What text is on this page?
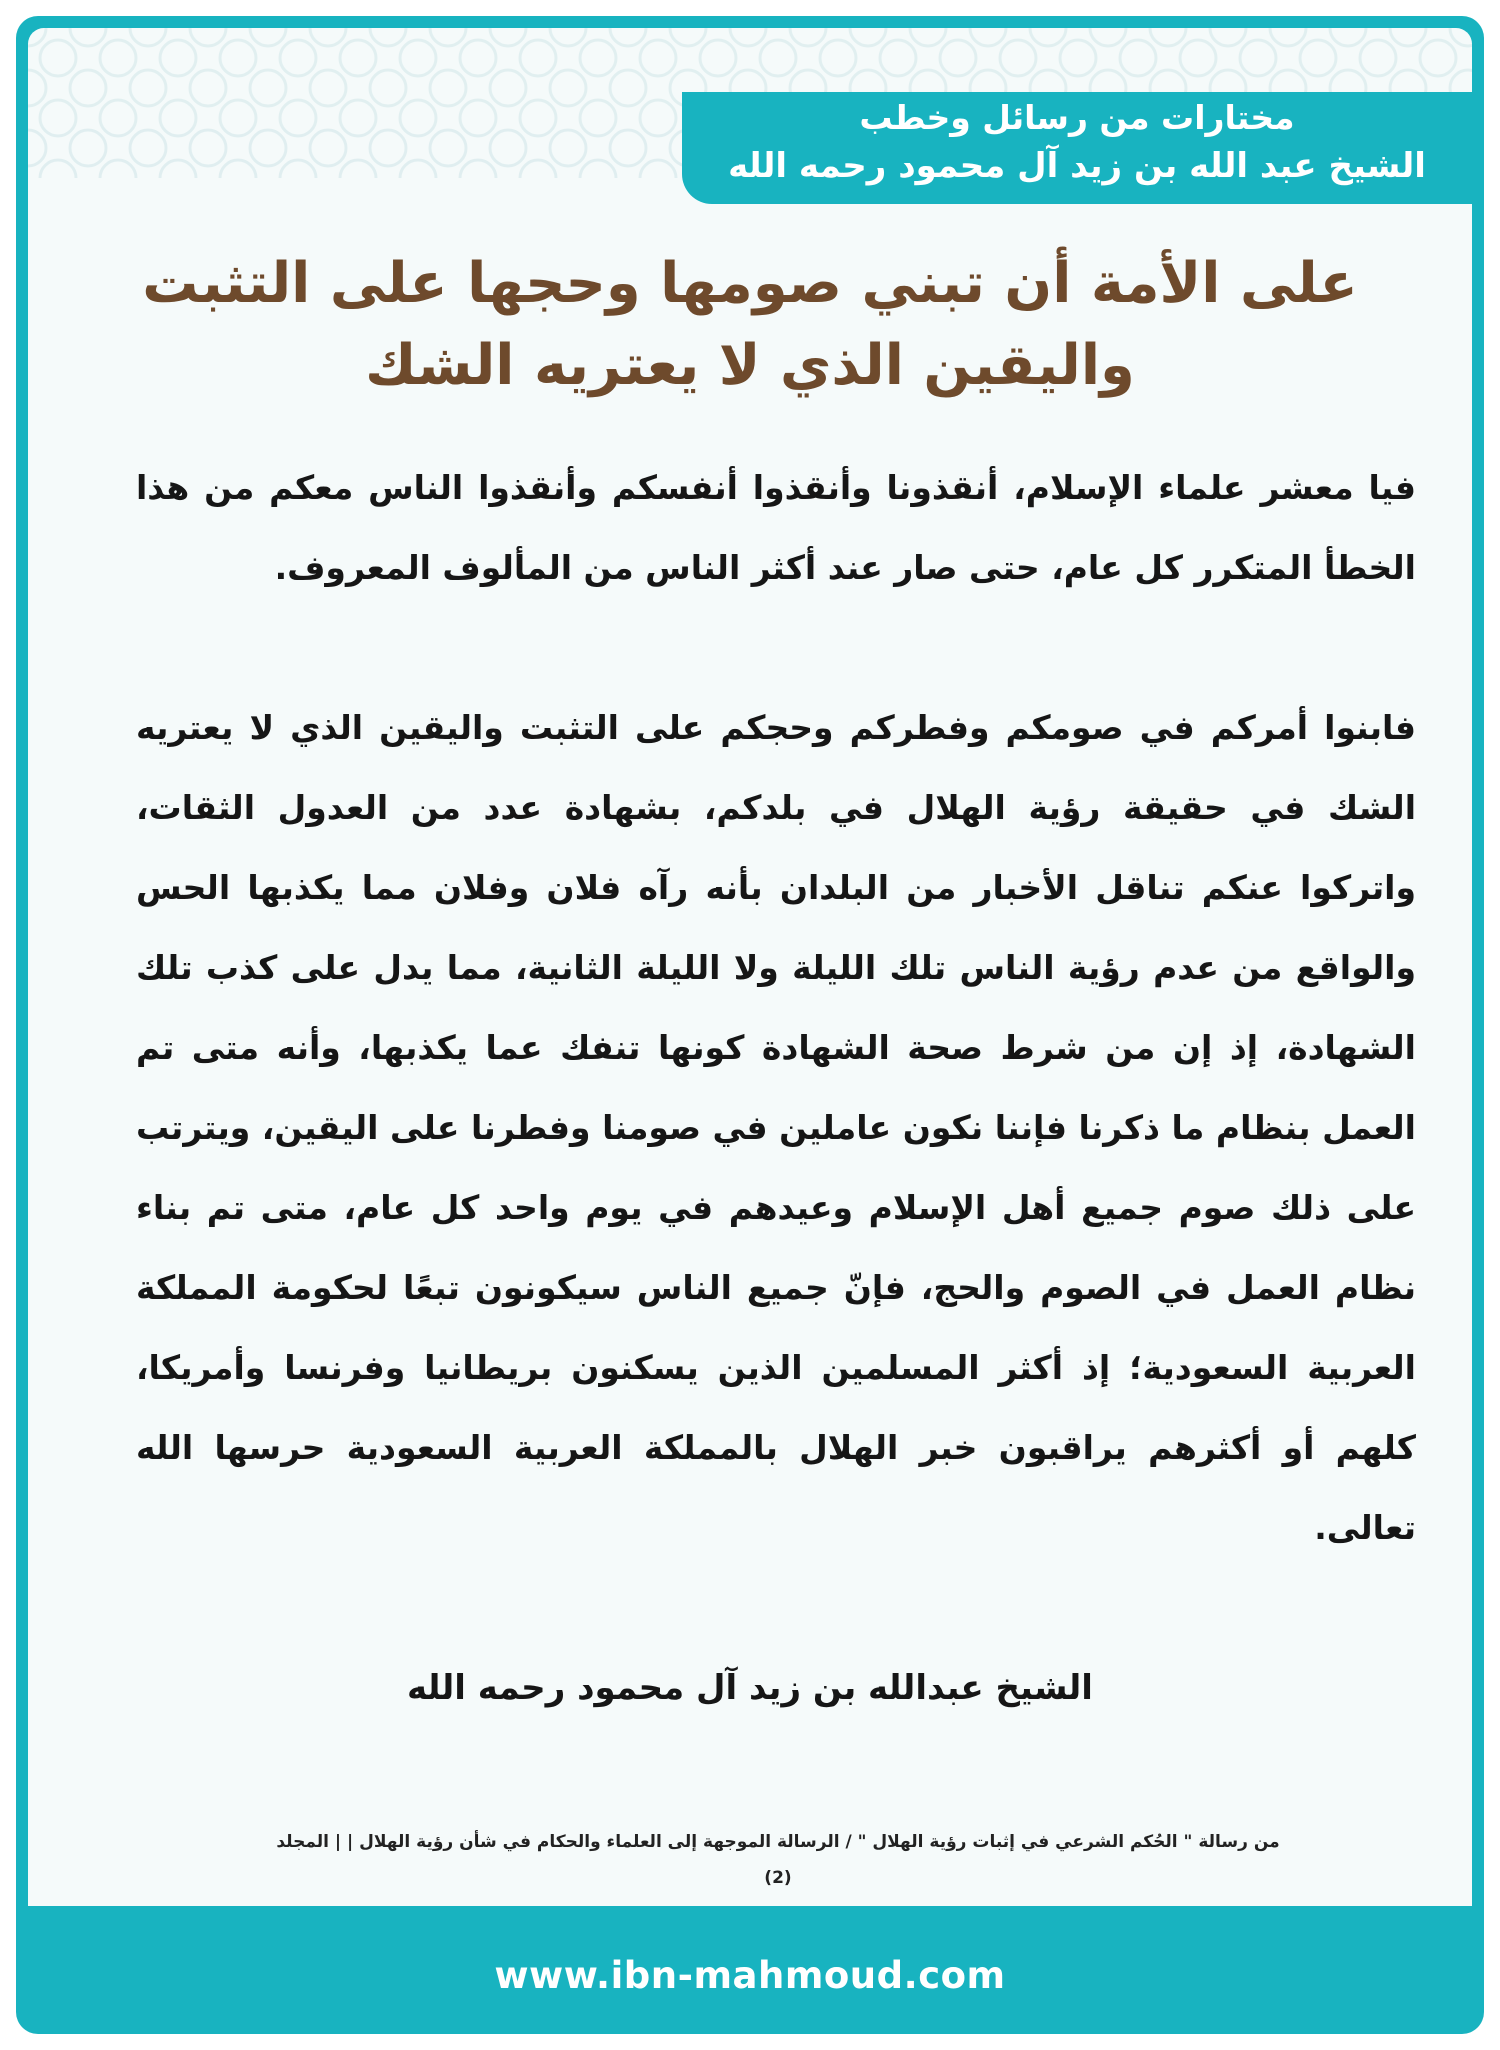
مختارات من رسائل وخطب
الشيخ عبد الله بن زيد آل محمود رحمه الله
على الأمة أن تبني صومها وحجها على التثبت
واليقين الذي لا يعتريه الشك

فيا معشر علماء الإسلام، أنقذونا وأنقذوا أنفسكم وأنقذوا الناس معكم من هذا الخطأ المتكرر كل عام، حتى صار عند أكثر الناس من المألوف المعروف.

فابنوا أمركم في صومكم وفطركم وحجكم على التثبت واليقين الذي لا يعتريه الشك في حقيقة رؤية الهلال في بلدكم، بشهادة عدد من العدول الثقات، واتركوا عنكم تناقل الأخبار من البلدان بأنه رآه فلان وفلان مما يكذبها الحس والواقع من عدم رؤية الناس تلك الليلة ولا الليلة الثانية، مما يدل على كذب تلك الشهادة، إذ إن من شرط صحة الشهادة كونها تنفك عما يكذبها، وأنه متى تم العمل بنظام ما ذكرنا فإننا نكون عاملين في صومنا وفطرنا على اليقين، ويترتب على ذلك صوم جميع أهل الإسلام وعيدهم في يوم واحد كل عام، متى تم بناء نظام العمل في الصوم والحج، فإنّ جميع الناس سيكونون تبعًا لحكومة المملكة العربية السعودية؛ إذ أكثر المسلمين الذين يسكنون بريطانيا وفرنسا وأمريكا، كلهم أو أكثرهم يراقبون خبر الهلال بالمملكة العربية السعودية حرسها الله تعالى.

الشيخ عبدالله بن زيد آل محمود رحمه الله
من رسالة " الحُكم الشرعي في إثبات رؤية الهلال " / الرسالة الموجهة إلى العلماء والحكام في شأن رؤية الهلال | | المجلد
(2)
www.ibn-mahmoud.com
